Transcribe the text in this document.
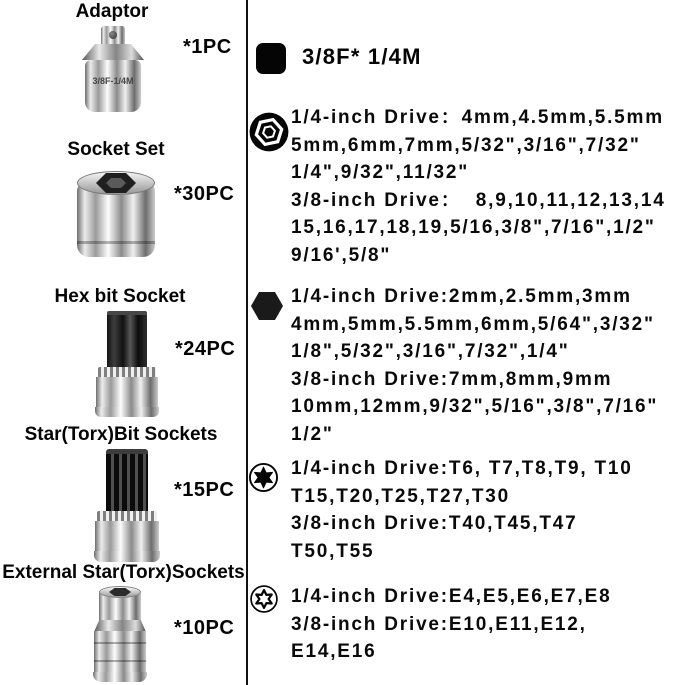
Adaptor
3/8F-1/4M
*1PC
Socket Set
*30PC
Hex bit Socket
*24PC
Star(Torx)Bit Sockets
*15PC
External Star(Torx)Sockets
*10PC
3/8F* 1/4M
1/4-inch Drive：4mm,4.5mm,5.5mm
5mm,6mm,7mm,5/32",3/16",7/32"
1/4",9/32",11/32"
3/8-inch Drive：  8,9,10,11,12,13,14
15,16,17,18,19,5/16,3/8",7/16",1/2"
9/16',5/8"
1/4-inch Drive:2mm,2.5mm,3mm
4mm,5mm,5.5mm,6mm,5/64",3/32"
1/8",5/32",3/16",7/32",1/4"
3/8-inch Drive:7mm,8mm,9mm
10mm,12mm,9/32",5/16",3/8",7/16"
1/2"
1/4-inch Drive:T6, T7,T8,T9, T10
T15,T20,T25,T27,T30
3/8-inch Drive:T40,T45,T47
T50,T55
1/4-inch Drive:E4,E5,E6,E7,E8
3/8-inch Drive:E10,E11,E12,
E14,E16
